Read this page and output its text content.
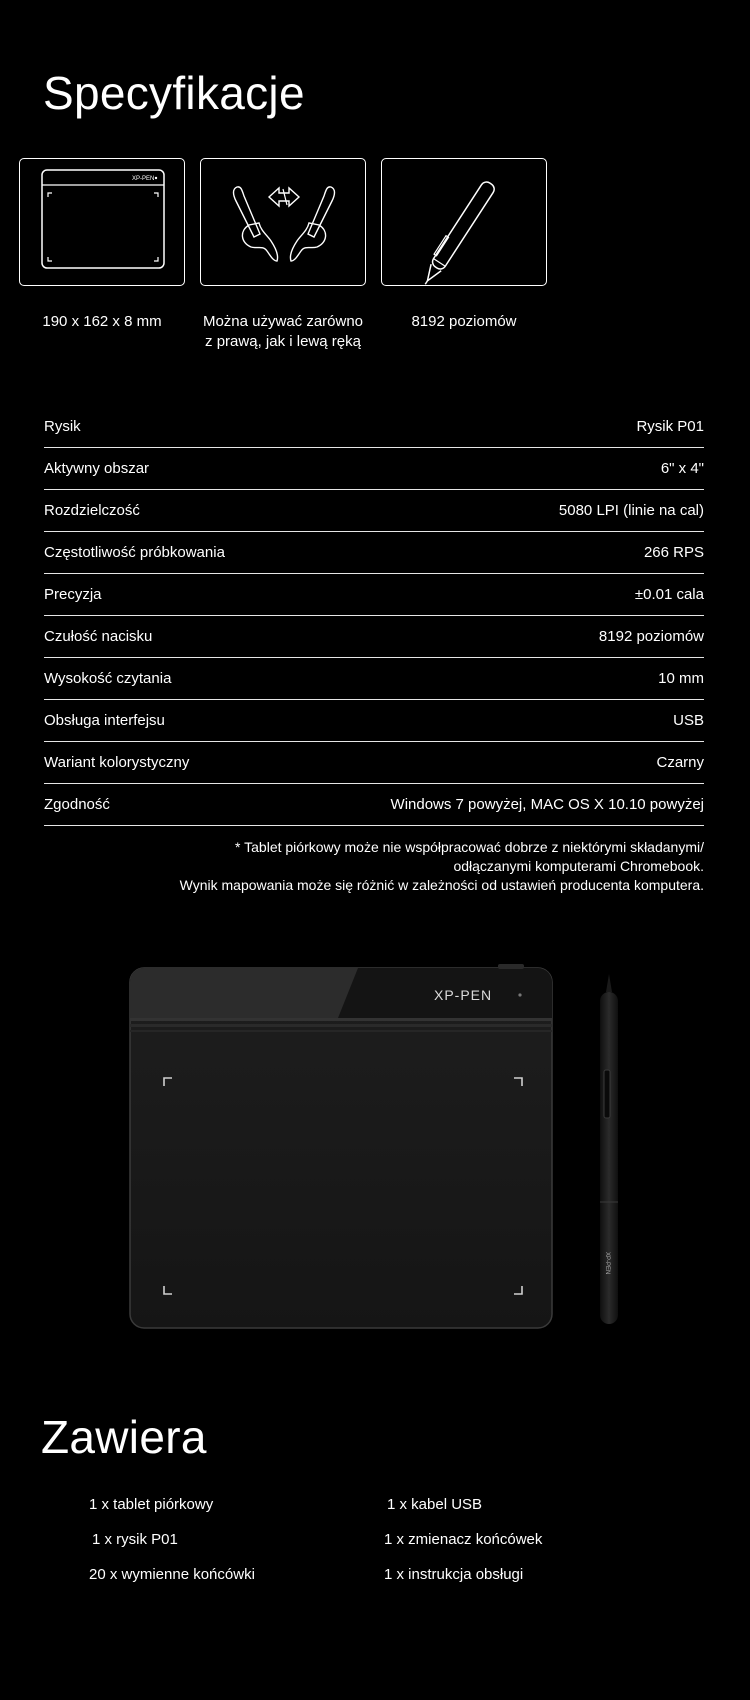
Specyfikacje
XP-PEN
190 x 162 x 8 mm	Można używać zarówno
z prawą, jak i lewą ręką
8192 poziomów
Rysik	Rysik P01
Aktywny obszar	6" x 4"
Rozdzielczość	5080 LPI (linie na cal)
Częstotliwość próbkowania	266 RPS
Precyzja	±0.01 cala
Czułość nacisku	8192 poziomów
Wysokość czytania	10 mm
Obsługa interfejsu	USB
Wariant kolorystyczny	Czarny
Zgodność	Windows 7 powyżej, MAC OS X 10.10 powyżej
* Tablet piórkowy może nie współpracować dobrze z niektórymi składanymi/
odłączanymi komputerami Chromebook.
Wynik mapowania może się różnić w zależności od ustawień producenta komputera.
XP-PEN
XP-PEN
Zawiera
1 x tablet piórkowy	1 x kabel USB
1 x rysik P01	1 x zmienacz końcówek
20 x wymienne końcówki	1 x instrukcja obsługi
